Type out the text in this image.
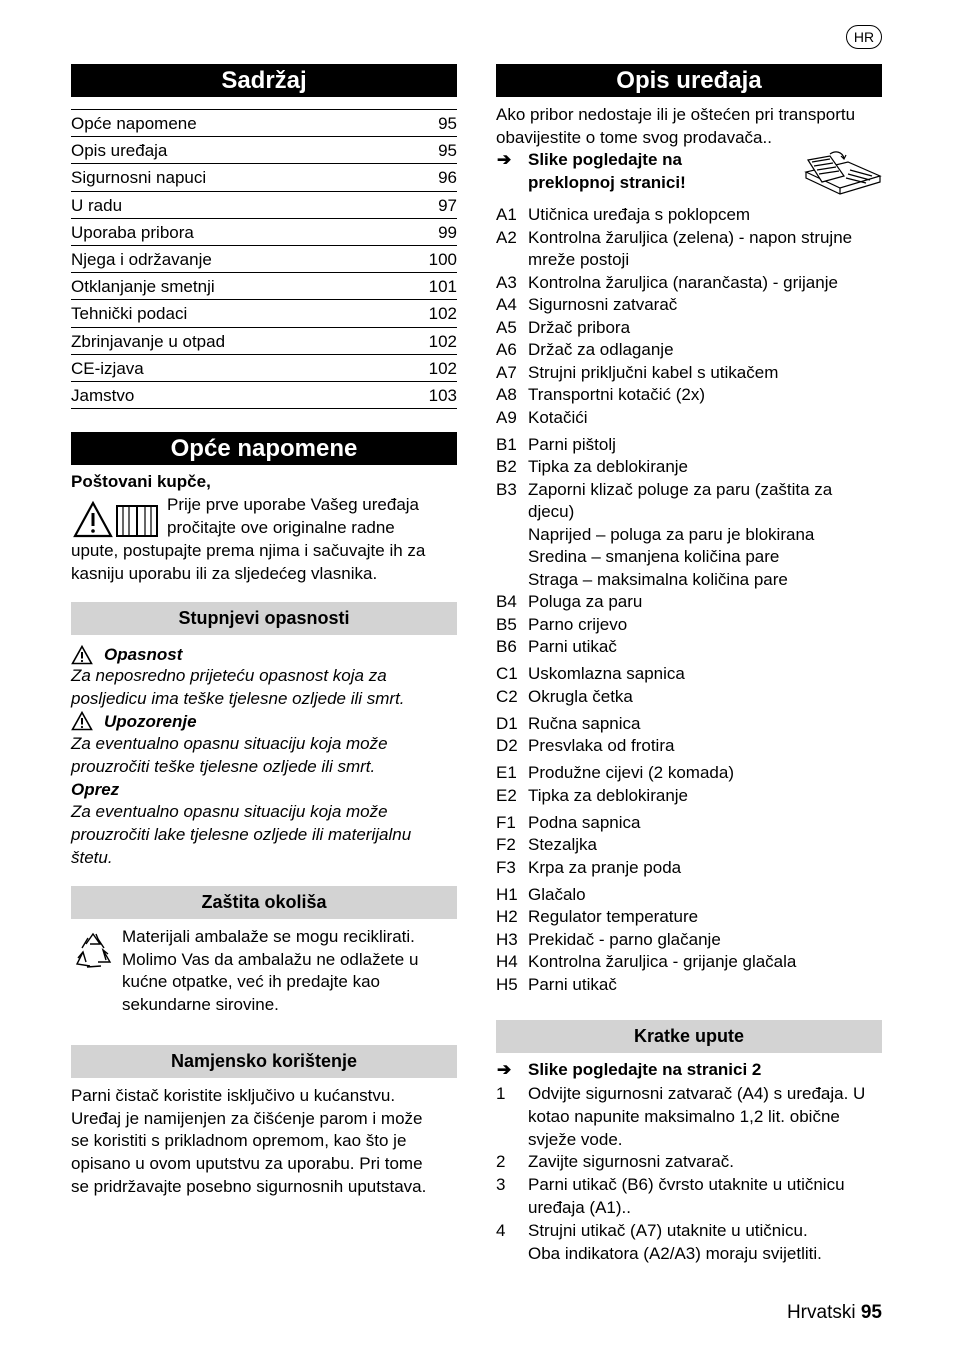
HR
Sadržaj
Opće napomene	95
Opis uređaja	95
Sigurnosni napuci	96
U radu	97
Uporaba pribora	99
Njega i održavanje	100
Otklanjanje smetnji	101
Tehnički podaci	102
Zbrinjavanje u otpad	102
CE-izjava	102
Jamstvo	103
Opće napomene
Poštovani kupče,
Prije prve uporabe Vašeg uređaja
pročitajte ove originalne radne
upute, postupajte prema njima i sačuvajte ih za
kasniju uporabu ili za sljedećeg vlasnika.
Stupnjevi opasnosti
Opasnost
Za neposredno prijeteću opasnost koja za
posljedicu ima teške tjelesne ozljede ili smrt.
Upozorenje
Za eventualno opasnu situaciju koja može
prouzročiti teške tjelesne ozljede ili smrt.
Oprez
Za eventualno opasnu situaciju koja može
prouzročiti lake tjelesne ozljede ili materijalnu
štetu.
Zaštita okoliša
Materijali ambalaže se mogu reciklirati.
Molimo Vas da ambalažu ne odlažete u
kućne otpatke, već ih predajte kao
sekundarne sirovine.
Namjensko korištenje
Parni čistač koristite isključivo u kućanstvu.
Uređaj je namijenjen za čišćenje parom i može
se koristiti s prikladnom opremom, kao što je
opisano u ovom uputstvu za uporabu. Pri tome
se pridržavajte posebno sigurnosnih uputstava.
Opis uređaja
Ako pribor nedostaje ili je oštećen pri transportu
obavijestite o tome svog prodavača..
➔ Slike pogledajte na
preklopnoj stranici!
A1 Utičnica uređaja s poklopcem
A2 Kontrolna žaruljica (zelena) - napon strujne
mreže postoji
A3 Kontrolna žaruljica (narančasta) - grijanje
A4 Sigurnosni zatvarač
A5 Držač pribora
A6 Držač za odlaganje
A7 Strujni priključni kabel s utikačem
A8 Transportni kotačić (2x)
A9 Kotačići
B1 Parni pištolj
B2 Tipka za deblokiranje
B3 Zaporni klizač poluge za paru (zaštita za
djecu)
Naprijed – poluga za paru je blokirana
Sredina – smanjena količina pare
Straga – maksimalna količina pare
B4 Poluga za paru
B5 Parno crijevo
B6 Parni utikač
C1 Uskomlazna sapnica
C2 Okrugla četka
D1 Ručna sapnica
D2 Presvlaka od frotira
E1 Produžne cijevi (2 komada)
E2 Tipka za deblokiranje
F1 Podna sapnica
F2 Stezaljka
F3 Krpa za pranje poda
H1 Glačalo
H2 Regulator temperature
H3 Prekidač - parno glačanje
H4 Kontrolna žaruljica - grijanje glačala
H5 Parni utikač
Kratke upute
➔ Slike pogledajte na stranici 2
1 Odvijte sigurnosni zatvarač (A4) s uređaja. U
kotao napunite maksimalno 1,2 lit. obične
svježe vode.
2 Zavijte sigurnosni zatvarač.
3 Parni utikač (B6) čvrsto utaknite u utičnicu
uređaja (A1)..
4 Strujni utikač (A7) utaknite u utičnicu.
Oba indikatora (A2/A3) moraju svijetliti.
Hrvatski 95
